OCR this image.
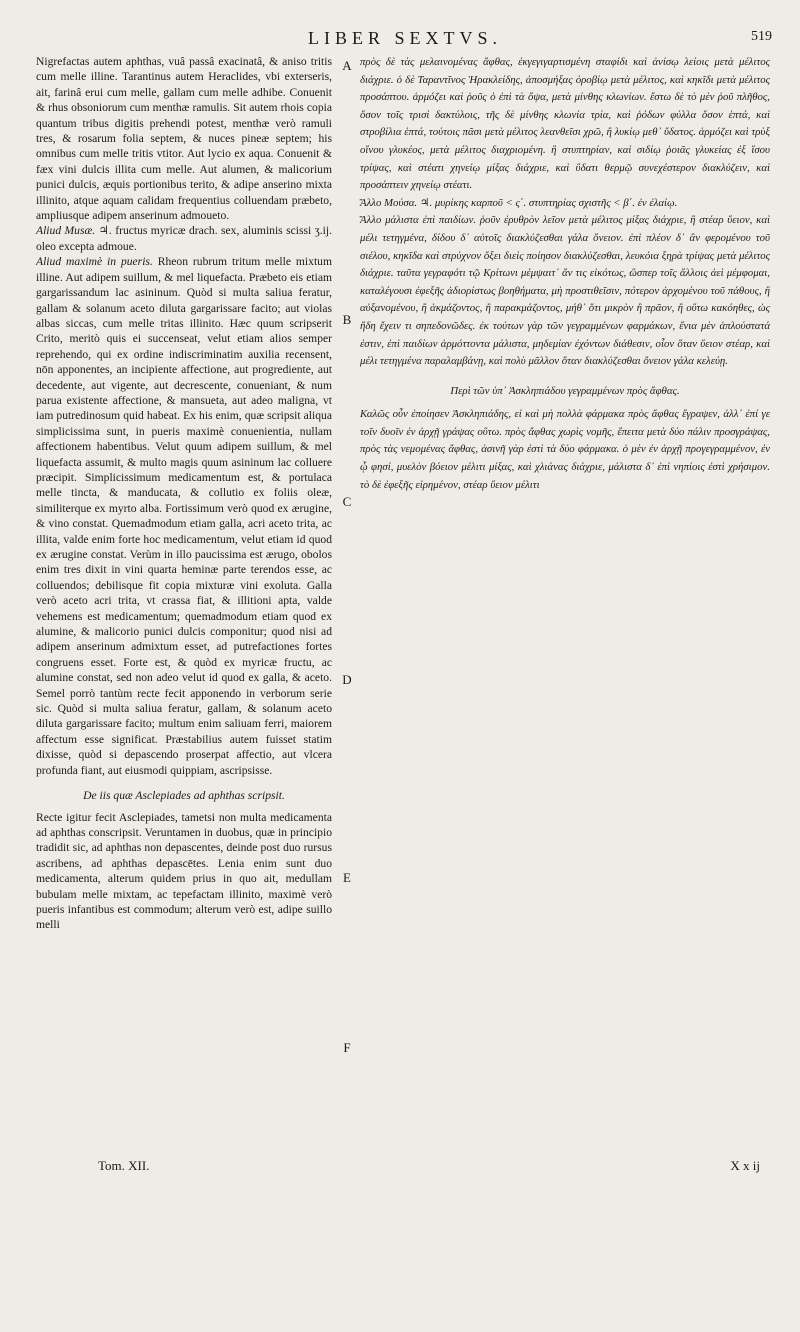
LIBER SEXTVS.	519

Nigrefactas autem aphthas, vuâ passâ exacinatâ, & aniso tritis cum melle illine. Tarantinus autem Heraclides, vbi exterseris, ait, farinâ erui cum melle, gallam cum melle adhibe. Conuenit & rhus obsoniorum cum menthæ ramulis. Sit autem rhois copia quantum tribus digitis prehendi potest, menthæ verò ramuli tres, & rosarum folia septem, & nuces pineæ septem; his omnibus cum melle tritis vtitor. Aut lycio ex aqua. Conuenit & fæx vini dulcis illita cum melle. Aut alumen, & malicorium punici dulcis, æquis portionibus terito, & adipe anserino mixta illinito, atque aquam calidam frequentius colluendam præbeto, ampliusque adipem anserinum admoueto.

Aliud Musæ. ♃. fructus myricæ drach. sex, aluminis scissi ʒ.ij. oleo excepta admoue.

Aliud maximè in pueris. Rheon rubrum tritum melle mixtum illine. Aut adipem suillum, & mel liquefacta. Præbeto eis etiam gargarissandum lac asininum. Quòd si multa saliua feratur, gallam & solanum aceto diluta gargarissare facito; aut violas albas siccas, cum melle tritas illinito. Hæc quum scripserit Crito, meritò quis ei succenseat, velut etiam alios semper reprehendo, qui ex ordine indiscriminatim auxilia recensent, nōn apponentes, an incipiente affectione, aut progrediente, aut decedente, aut vigente, aut decrescente, conueniant, & num parua existente affectione, & mansueta, aut adeo maligna, vt iam putredinosum quid habeat. Ex his enim, quæ scripsit aliqua simplicissima sunt, in pueris maximè conuenientia, nullam affectionem habentibus. Velut quum adipem suillum, & mel liquefacta assumit, & multo magis quum asininum lac colluere præcipit. Simplicissimum medicamentum est, & portulaca melle tincta, & manducata, & collutio ex foliis oleæ, similiterque ex myrto alba. Fortissimum verò quod ex ærugine, & vino constat. Quemadmodum etiam galla, acri aceto trita, ac illita, valde enim forte hoc medicamentum, velut etiam id quod ex ærugine constat. Verùm in illo paucissima est ærugo, obolos enim tres dixit in vini quarta heminæ parte terendos esse, ac colluendos; debilisque fit copia mixturæ vini exoluta. Galla verò aceto acri trita, vt crassa fiat, & illitioni apta, valde vehemens est medicamentum; quemadmodum etiam quod ex alumine, & malicorio punici dulcis componitur; quod nisi ad adipem anserinum admixtum esset, ad putrefactiones fortes congruens esset. Forte est, & quòd ex myricæ fructu, ac alumine constat, sed non adeo velut id quod ex galla, & aceto. Semel porrò tantùm recte fecit apponendo in verborum serie sic. Quòd si multa saliua feratur, gallam, & solanum aceto diluta gargarissare facito; multum enim saliuam ferri, maiorem affectum esse significat. Præstabilius autem fuisset statim dixisse, quòd si depascendo proserpat affectio, aut vlcera profunda fiant, aut eiusmodi quippiam, ascripsisse.

De iis quæ Asclepiades ad aphthas scripsit.

Recte igitur fecit Asclepiades, tametsi non multa medicamenta ad aphthas conscripsit. Veruntamen in duobus, quæ in principio tradidit sic, ad aphthas non depascentes, deinde post duo rursus ascribens, ad aphthas depascētes. Lenia enim sunt duo medicamenta, alterum quidem prius in quo ait, medullam bubulam melle mixtam, ac tepefactam illinito, maximè verò pueris infantibus est commodum; alterum verò est, adipe suillo melli

A
B
C
D
E
F

πρὸς δὲ τὰς μελαινομένας ἄφθας, ἐκγεγιγαρτισμένη σταφίδι καὶ ἀνίσῳ λείοις μετὰ μέλιτος διάχριε. ὁ δὲ Ταραντῖνος Ἡρακλείδης, ἀποσμήξας ὀροβίῳ μετὰ μέλιτος, καὶ κηκῖδι μετὰ μέλιτος προσάπτου. ἁρμόζει καὶ ῥοῦς ὁ ἐπὶ τὰ ὄψα, μετὰ μίνθης κλωνίων. ἔστω δὲ τὸ μὲν ῥοῦ πλῆθος, ὅσον τοῖς τρισὶ δακτύλοις, τῆς δὲ μίνθης κλωνία τρία, καὶ ῥόδων φύλλα ὅσον ἑπτά, καὶ στροβίλια ἑπτά, τούτοις πᾶσι μετὰ μέλιτος λεανθεῖσι χρῶ, ἢ λυκίῳ μεθ᾽ ὕδατος. ἁρμόζει καὶ τρὺξ οἴνου γλυκέος, μετὰ μέλιτος διαχριομένη. ἢ στυπτηρίαν, καὶ σιδίῳ ῥοιᾶς γλυκείας ἐξ ἴσου τρίψας, καὶ στέατι χηνείῳ μίξας διάχριε, καὶ ὕδατι θερμῷ συνεχέστερον διακλύζειν, καὶ προσάπτειν χηνείῳ στέατι.

Ἄλλο Μούσα. ♃. μυρίκης καρποῦ < ς΄. στυπτηρίας σχιστῆς < β΄. ἐν ἐλαίῳ.

Ἄλλο μάλιστα ἐπὶ παιδίων. ῥοῦν ἐρυθρὸν λεῖον μετὰ μέλιτος μίξας διάχριε, ἢ στέαρ ὕειον, καὶ μέλι τετηγμένα, δίδου δ᾽ αὐτοῖς διακλύζεσθαι γάλα ὄνειον. ἐπὶ πλέον δ᾽ ἂν φερομένου τοῦ σιέλου, κηκῖδα καὶ στρύχνον ὄξει διεὶς ποίησον διακλύζεσθαι, λευκόια ξηρὰ τρίψας μετὰ μέλιτος διάχριε. ταῦτα γεγραφότι τῷ Κρίτωνι μέμψαιτ᾽ ἄν τις εἰκότως, ὥσπερ τοῖς ἄλλοις ἀεὶ μέμφομαι, καταλέγουσι ἐφεξῆς ἀδιορίστως βοηθήματα, μὴ προστιθεῖσιν, πότερον ἀρχομένου τοῦ πάθους, ἢ αὐξανομένου, ἢ ἀκμάζοντος, ἢ παρακμάζοντος, μήθ᾽ ὅτι μικρὸν ἢ πρᾶον, ἢ οὕτω κακόηθες, ὡς ἤδη ἔχειν τι σηπεδονῶδες. ἐκ τούτων γὰρ τῶν γεγραμμένων φαρμάκων, ἔνια μὲν ἁπλούστατά ἐστιν, ἐπὶ παιδίων ἁρμόττοντα μάλιστα, μηδεμίαν ἐχόντων διάθεσιν, οἷον ὅταν ὕειον στέαρ, καὶ μέλι τετηγμένα παραλαμβάνῃ, καὶ πολὺ μᾶλλον ὅταν διακλύζεσθαι ὄνειον γάλα κελεύῃ.

Περὶ τῶν ὑπ᾽ Ἀσκληπιάδου γεγραμμένων πρὸς ἄφθας.

Καλῶς οὖν ἐποίησεν Ἀσκληπιάδης, εἰ καὶ μὴ πολλὰ φάρμακα πρὸς ἄφθας ἔγραψεν, ἀλλ᾽ ἐπί γε τοῖν δυοῖν ἐν ἀρχῇ γράψας οὕτω. πρὸς ἄφθας χωρὶς νομῆς, ἔπειτα μετὰ δύο πάλιν προσγράψας, πρὸς τὰς νεμομένας ἄφθας, ἀσινῆ γὰρ ἐστὶ τὰ δύο φάρμακα. ὁ μὲν ἐν ἀρχῇ προγεγραμμένον, ἐν ᾧ φησί, μυελὸν βόειον μέλιτι μίξας, καὶ χλιάνας διάχριε, μάλιστα δ᾽ ἐπὶ νηπίοις ἐστὶ χρήσιμον. τὸ δὲ ἐφεξῆς εἰρημένον, στέαρ ὕειον μέλιτι

Tom. XII.	X x ij
